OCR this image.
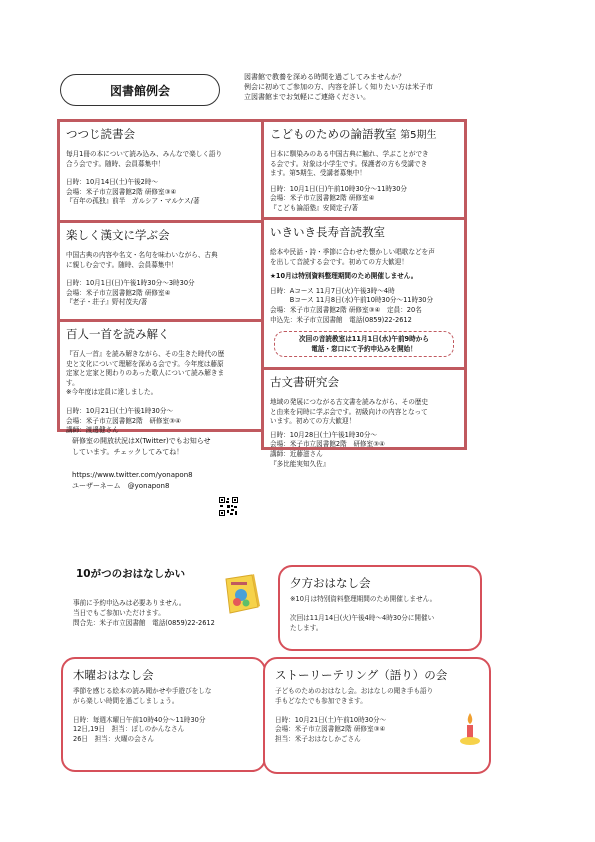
図書館例会
図書館で教養を深める時間を過ごしてみませんか？
例会に初めてご参加の方、内容を詳しく知りたい方は米子市
立図書館までお気軽にご連絡ください。
つつじ読書会

毎月1冊の本について読み込み、みんなで楽しく語り

合う会です。随時、会員募集中！

日時：10月14日(土)午後2時～

会場：米子市立図書館2階 研修室③④

『百年の孤独』前半　ガルシア・マルケス/著

楽しく漢文に学ぶ会

中国古典の内容や名文・名句を味わいながら、古典

に親しむ会です。随時、会員募集中！

日時：10月1日(日)午後1時30分～3時30分

会場：米子市立図書館2階 研修室④

『老子・荘子』野村茂夫/著

百人一首を読み解く

『百人一首』を読み解きながら、その生きた時代の歴

史と文化について理解を深める会です。今年度は藤原

定家と定家と関わりのあった歌人について読み解きま

す。

※今年度は定員に達しました。

日時：10月21日(土)午後1時30分～

会場：米子市立図書館2階　研修室③④

講師：渡邊健さん

こどものための論語教室 第5期生

日本に馴染みのある中国古典に触れ、学ぶことができ

る会です。対象は小学生です。保護者の方も受講でき

ます。第5期生、受講者募集中！

日時：10月1日(日)午前10時30分～11時30分

会場：米子市立図書館2階 研修室④

『こども論語塾』安岡定子/著

いきいき長寿音読教室

絵本や民話・詩・季節に合わせた懐かしい唱歌などを声

を出して音読する会です。初めての方大歓迎！

★10月は特別資料整理期間のため開催しません。

日時：Aコース 11月7日(火)午後3時～4時

　　　Bコース 11月8日(水)午前10時30分～11時30分

会場：米子市立図書館2階 研修室③④　定員：20名

申込先：米子市立図書館　電話(0859)22-2612

次回の音読教室は11月1日(水)午前9時から
電話・窓口にて予約申込みを開始！
古文書研究会

地域の発展につながる古文書を読みながら、その歴史

と由来を同時に学ぶ会です。初級向けの内容となって

います。初めての方大歓迎！

日時：10月28日(土)午後1時30分～

会場：米子市立図書館2階　研修室③④

講師：近藤滋さん

『多比能実知久佐』

研修室の開放状況はX(Twitter)でもお知らせ
しています。チェックしてみてね！
https://www.twitter.com/yonapon8
ユーザーネーム　@yonapon8
10がつのおはなしかい
事前に予約申込みは必要ありません。
当日でもご参加いただけます。
問合先：米子市立図書館　電話(0859)22-2612
夕方おはなし会

※10月は特別資料整理期間のため開催しません。

次回は11月14日(火)午後4時～4時30分に開催い

たします。

木曜おはなし会

季節を感じる絵本の読み聞かせや手遊びをしな

がら楽しい時間を過ごしましょう。

日時：毎週木曜日午前10時40分～11時30分

12日,19日　担当：ぽしのかんなさん

26日　担当：火曜の会さん

ストーリーテリング（語り）の会

子どものためのおはなし会。おはなしの聞き手も語り

手もどなたでも参加できます。

日時：10月21日(土)午前10時30分～

会場：米子市立図書館2階 研修室③④

担当：米子おはなしかごさん
